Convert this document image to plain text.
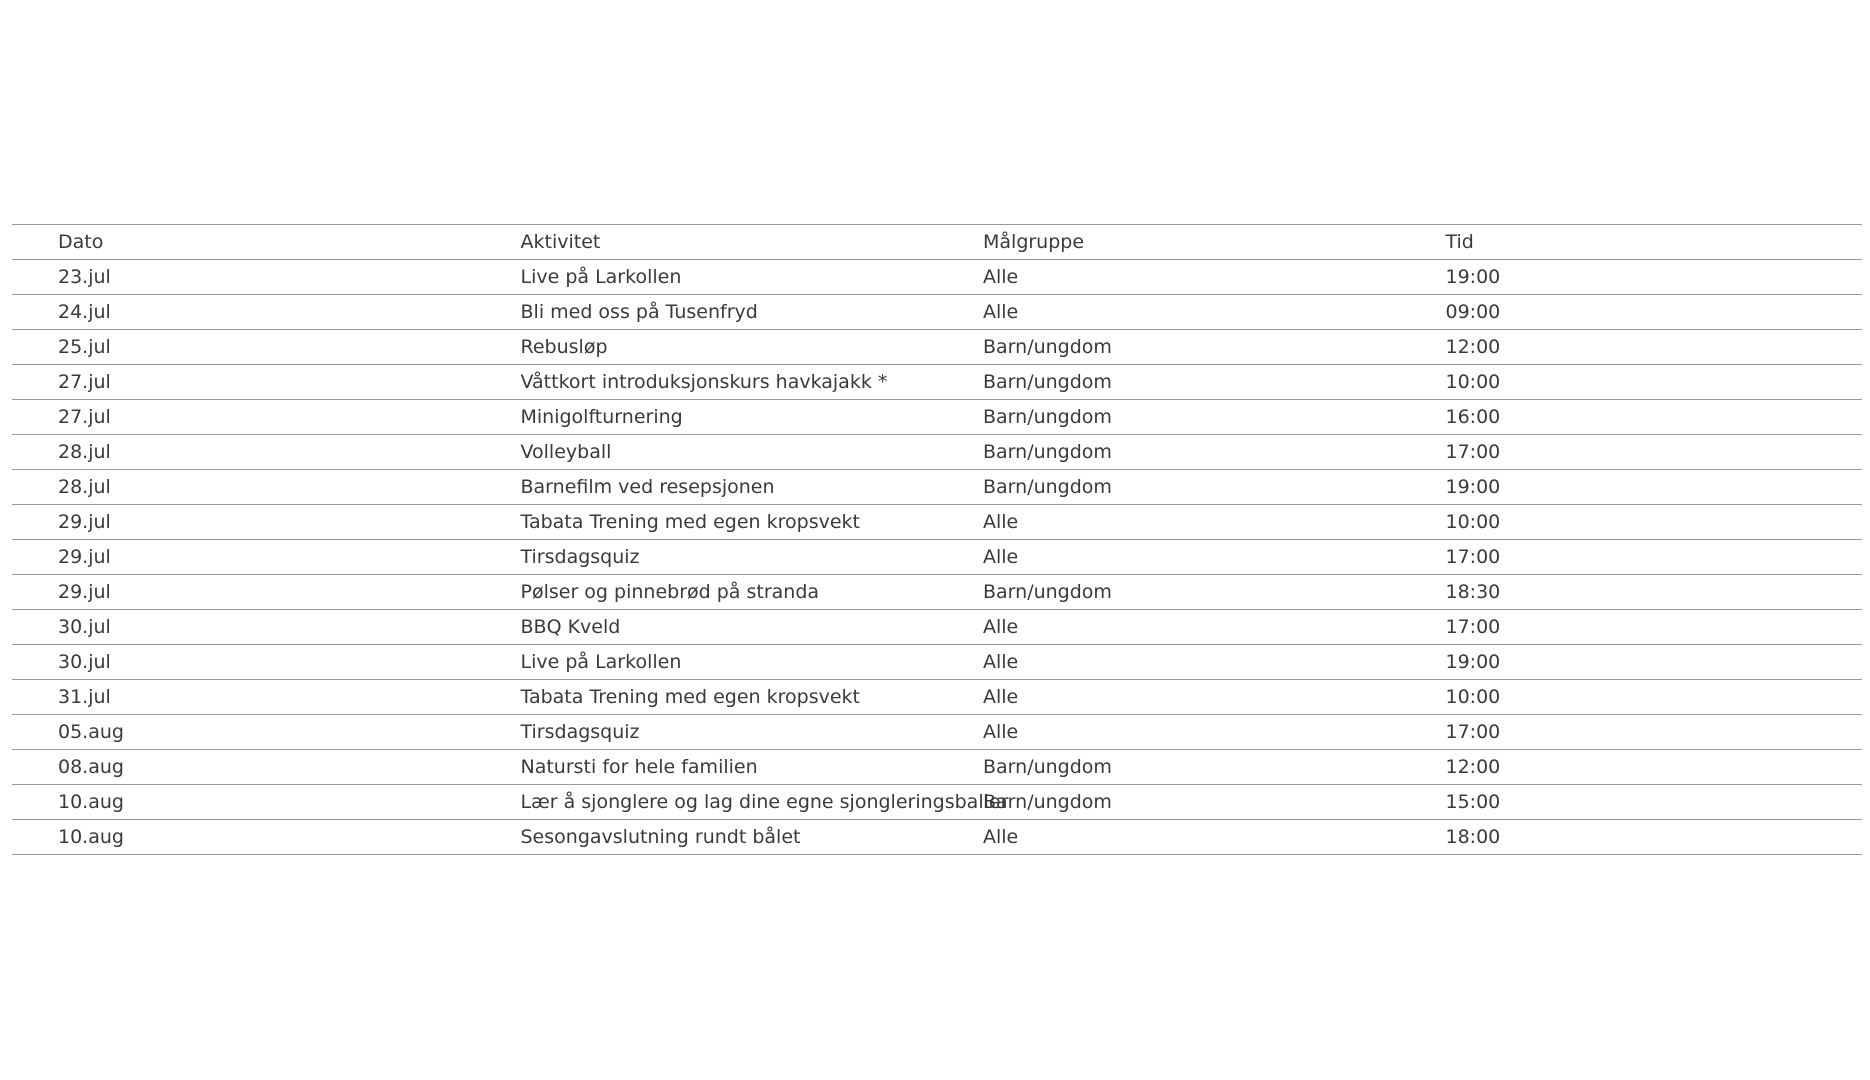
Dato	Aktivitet	Målgruppe	Tid
23.jul	Live på Larkollen	Alle	19:00
24.jul	Bli med oss på Tusenfryd	Alle	09:00
25.jul	Rebusløp	Barn/ungdom	12:00
27.jul	Våttkort introduksjonskurs havkajakk *	Barn/ungdom	10:00
27.jul	Minigolfturnering	Barn/ungdom	16:00
28.jul	Volleyball	Barn/ungdom	17:00
28.jul	Barnefilm ved resepsjonen	Barn/ungdom	19:00
29.jul	Tabata Trening med egen kropsvekt	Alle	10:00
29.jul	Tirsdagsquiz	Alle	17:00
29.jul	Pølser og pinnebrød på stranda	Barn/ungdom	18:30
30.jul	BBQ Kveld	Alle	17:00
30.jul	Live på Larkollen	Alle	19:00
31.jul	Tabata Trening med egen kropsvekt	Alle	10:00
05.aug	Tirsdagsquiz	Alle	17:00
08.aug	Natursti for hele familien	Barn/ungdom	12:00
10.aug	Lær å sjonglere og lag dine egne sjongleringsballer	Barn/ungdom	15:00
10.aug	Sesongavslutning rundt bålet	Alle	18:00
